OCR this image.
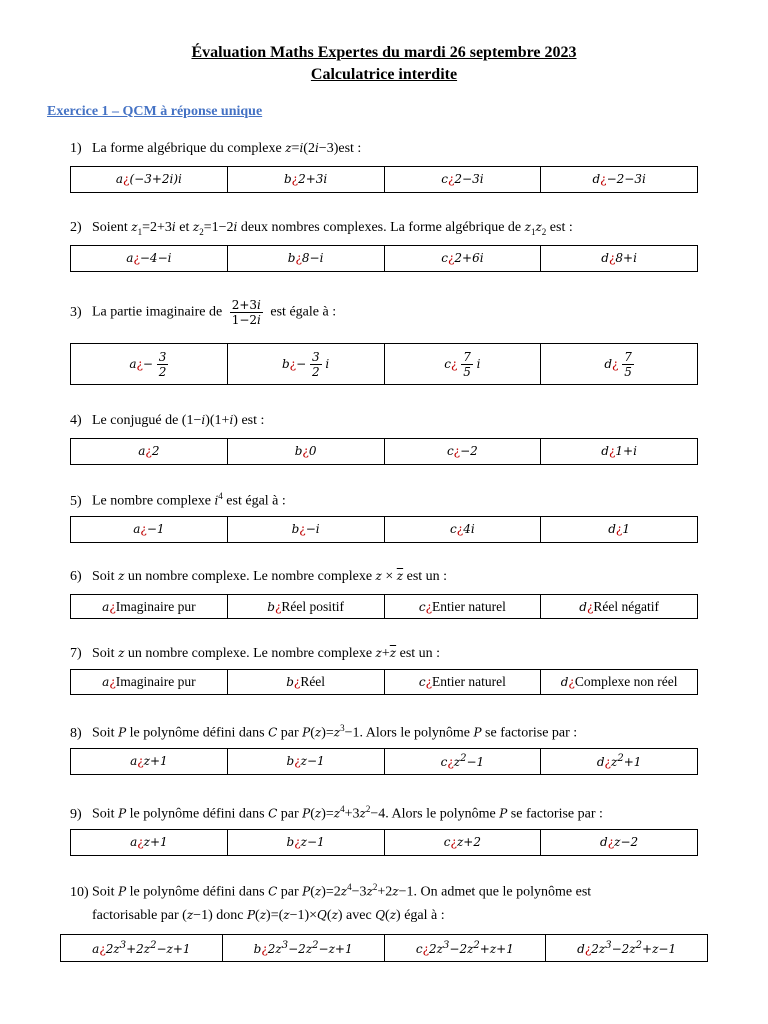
Évaluation Maths Expertes du mardi 26 septembre 2023
Calculatrice interdite
Exercice 1 – QCM à réponse unique
1) La forme algébrique du complexe z=i(2i−3)est :
a¿(−3+2i)i	b¿2+3i	c¿2−3i	d¿−2−3i
2) Soient $z_1=2+3i$ et $z_2=1-2i$ deux nombres complexes. La forme algébrique de $z_1z_2$ est :
a¿−4−i	b¿8−i	c¿2+6i	d¿8+i
3) La partie imaginaire de $\frac{2+3i}{1-2i}$ est égale à :
a¿− $\frac{3}{2}$	b¿− $\frac{3}{2}$ i	c¿ $\frac{7}{5}$ i	d¿ $\frac{7}{5}$
4) Le conjugué de (1−i)(1+i) est :
a¿2	b¿0	c¿−2	d¿1+i
5) Le nombre complexe $i^4$ est égal à :
a¿−1	b¿−i	c¿4i	d¿1
6) Soit z un nombre complexe. Le nombre complexe $z \times \overline{z}$ est un :
a¿Imaginaire pur	b¿Réel positif	c¿Entier naturel	d¿Réel négatif
7) Soit z un nombre complexe. Le nombre complexe $z+\overline{z}$ est un :
a¿Imaginaire pur	b¿Réel	c¿Entier naturel	d¿Complexe non réel
8) Soit P le polynôme défini dans C par $P(z)=z^3-1$. Alors le polynôme P se factorise par :
a¿z+1	b¿z−1	$c¿z^2-1$	$d¿z^2+1$
9) Soit P le polynôme défini dans C par $P(z)=z^4+3z^2-4$. Alors le polynôme P se factorise par :
a¿z+1	b¿z−1	c¿z+2	d¿z−2
10) Soit P le polynôme défini dans C par $P(z)=2z^4-3z^2+2z-1$. On admet que le polynôme est
factorisable par (z−1) donc P(z)=(z−1)×Q(z) avec Q(z) égal à :
$a¿2z^3+2z^2-z+1$	$b¿2z^3-2z^2-z+1$	$c¿2z^3-2z^2+z+1$	$d¿2z^3-2z^2+z-1$
